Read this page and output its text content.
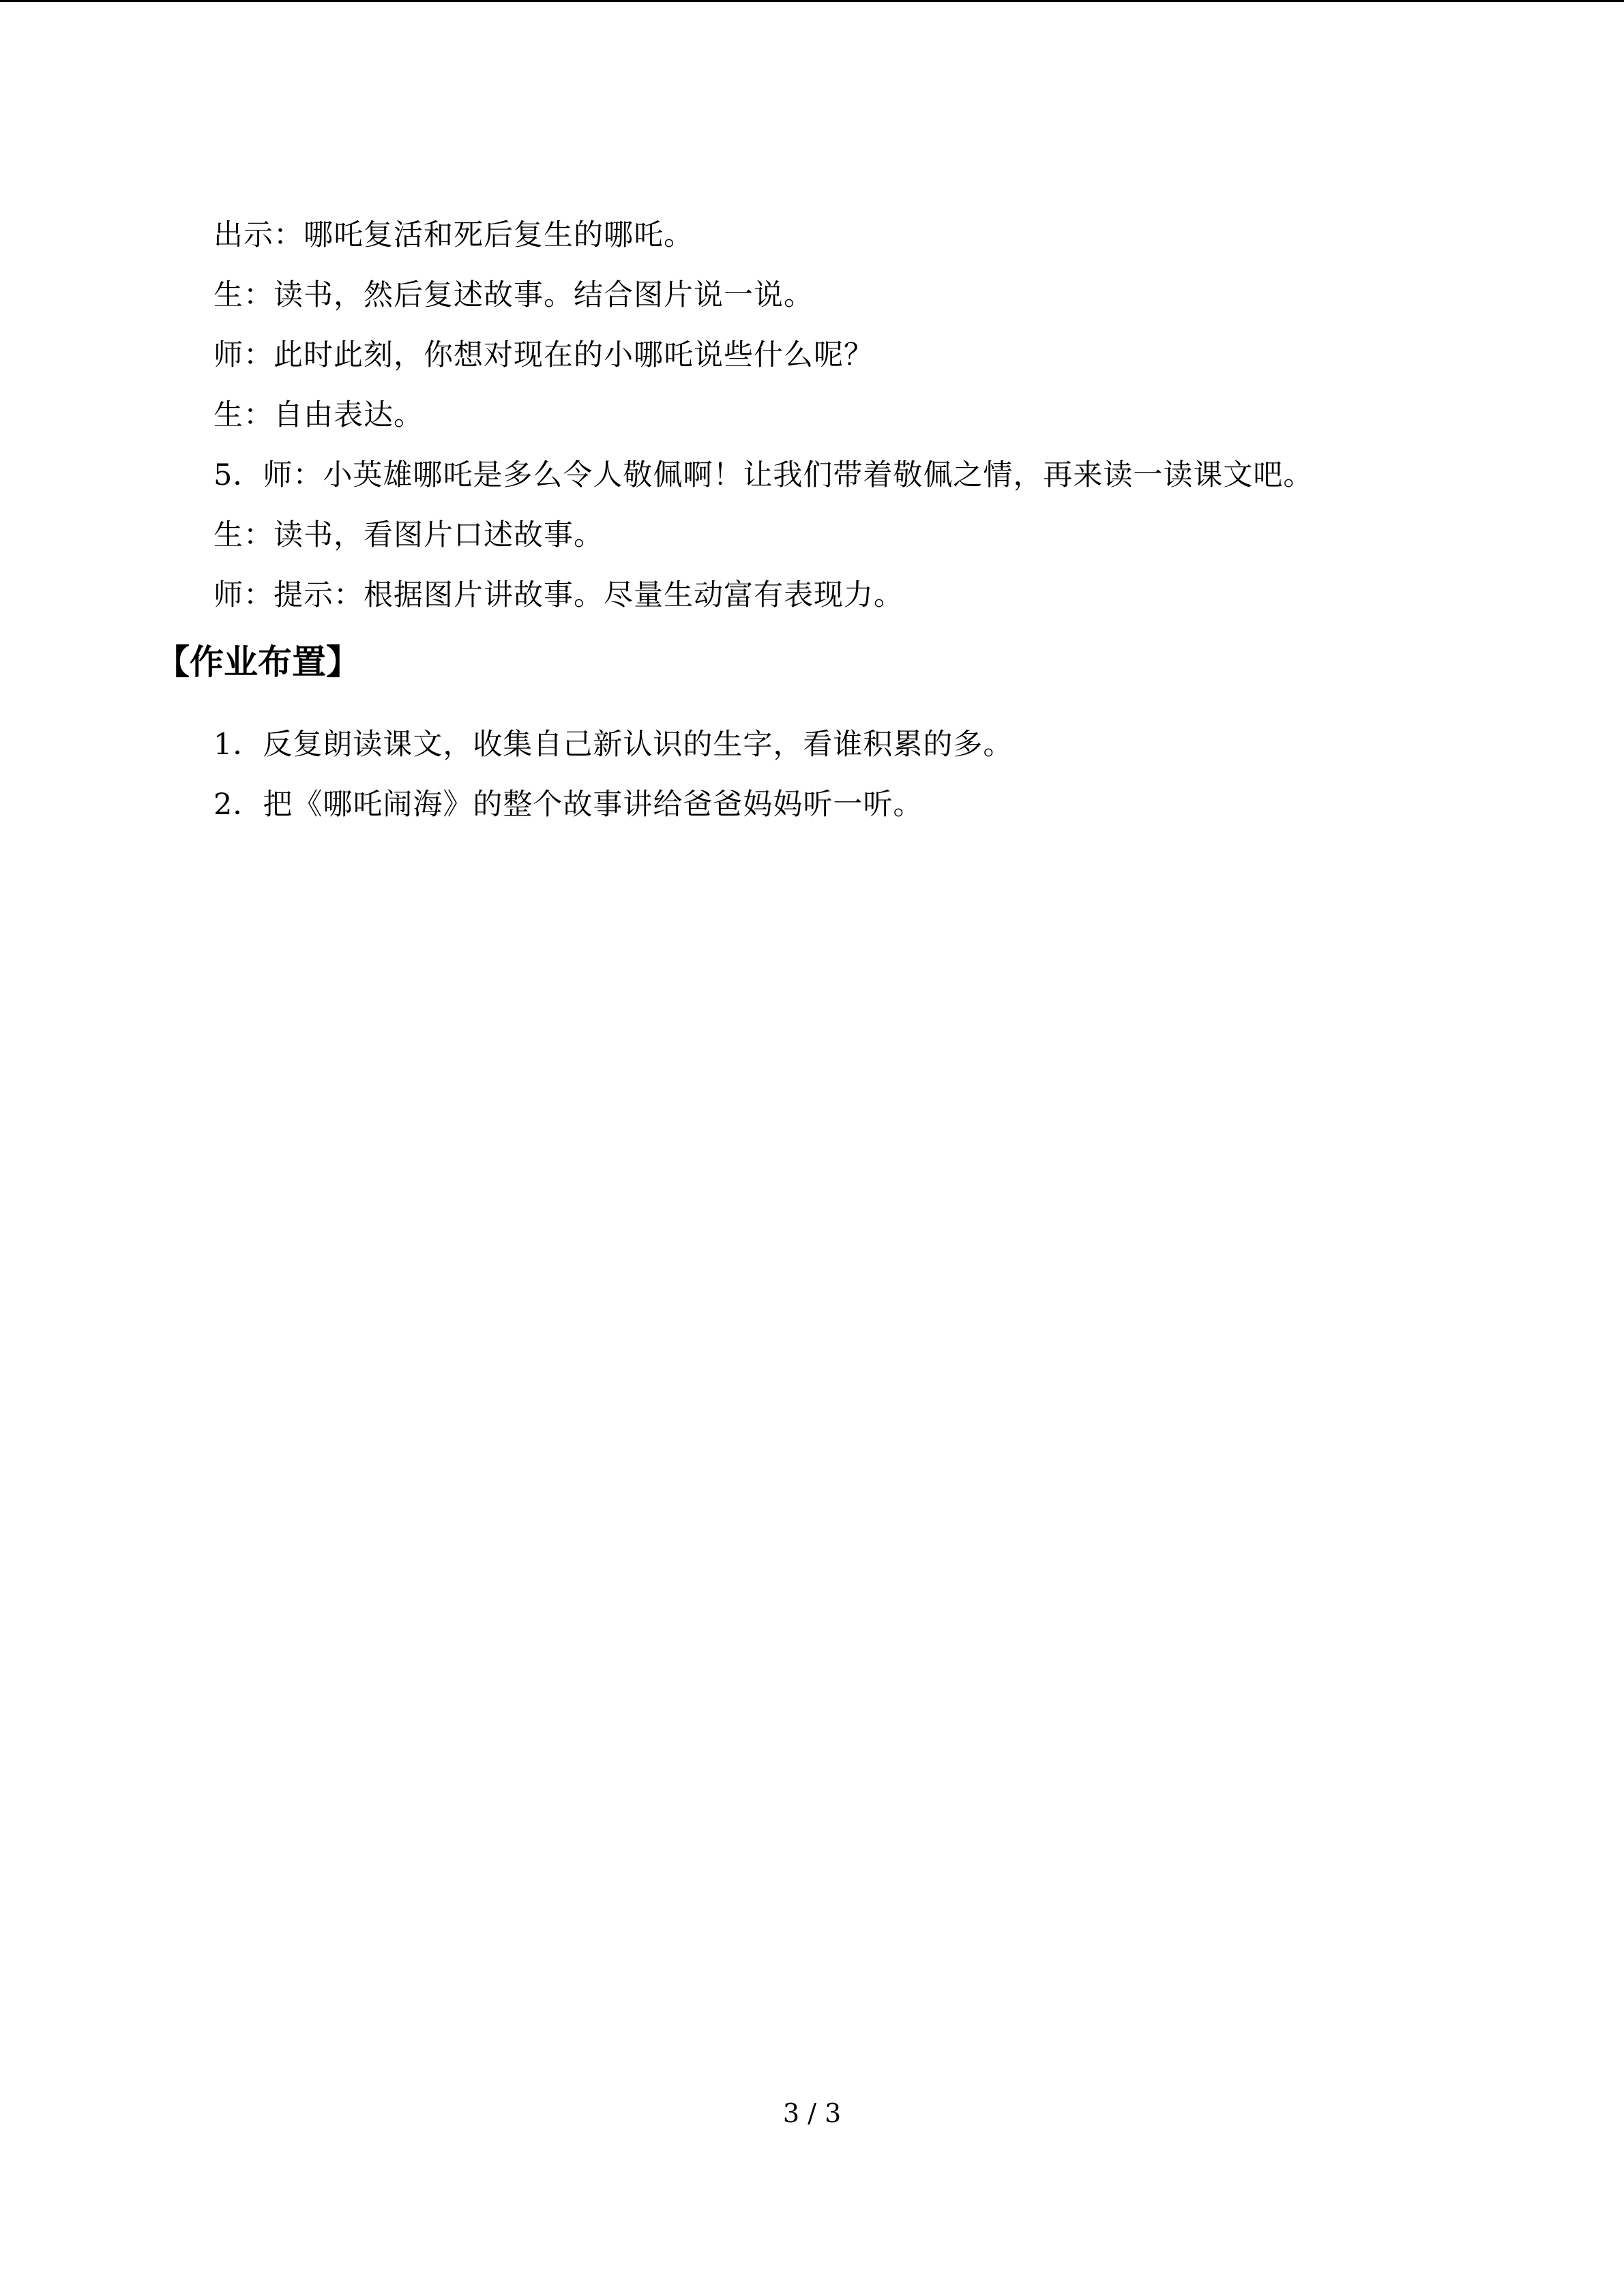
出示：哪吒复活和死后复生的哪吒。
生：读书，然后复述故事。结合图片说一说。
师：此时此刻，你想对现在的小哪吒说些什么呢？
生：自由表达。
5．师：小英雄哪吒是多么令人敬佩啊！让我们带着敬佩之情，再来读一读课文吧。
生：读书，看图片口述故事。
师：提示：根据图片讲故事。尽量生动富有表现力。
【作业布置】
1．反复朗读课文，收集自己新认识的生字，看谁积累的多。
2．把《哪吒闹海》的整个故事讲给爸爸妈妈听一听。
3 / 3
